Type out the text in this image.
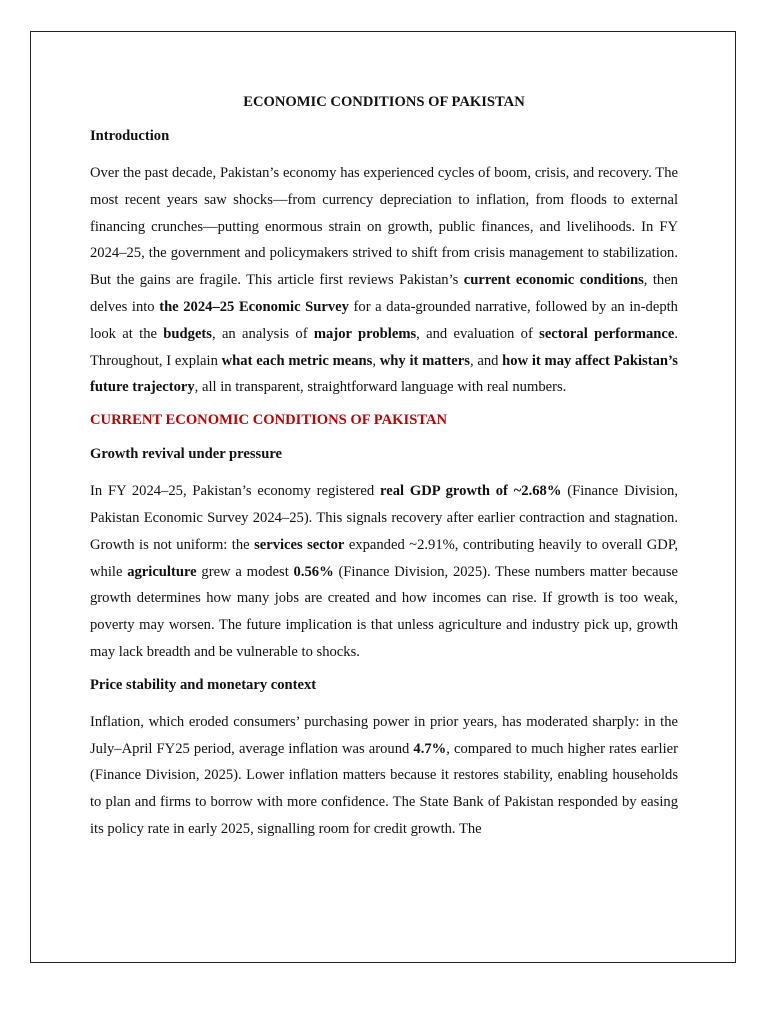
ECONOMIC CONDITIONS OF PAKISTAN
Introduction

Over the past decade, Pakistan’s economy has experienced cycles of boom, crisis, and recovery. The most recent years saw shocks—from currency depreciation to inflation, from floods to external financing crunches—putting enormous strain on growth, public finances, and livelihoods. In FY 2024–25, the government and policymakers strived to shift from crisis management to stabilization. But the gains are fragile. This article first reviews Pakistan’s current economic conditions, then delves into the 2024–25 Economic Survey for a data-grounded narrative, followed by an in-depth look at the budgets, an analysis of major problems, and evaluation of sectoral performance. Throughout, I explain what each metric means, why it matters, and how it may affect Pakistan’s future trajectory, all in transparent, straightforward language with real numbers.

CURRENT ECONOMIC CONDITIONS OF PAKISTAN
Growth revival under pressure

In FY 2024–25, Pakistan’s economy registered real GDP growth of ~2.68% (Finance Division, Pakistan Economic Survey 2024–25). This signals recovery after earlier contraction and stagnation. Growth is not uniform: the services sector expanded ~2.91%, contributing heavily to overall GDP, while agriculture grew a modest 0.56% (Finance Division, 2025). These numbers matter because growth determines how many jobs are created and how incomes can rise. If growth is too weak, poverty may worsen. The future implication is that unless agriculture and industry pick up, growth may lack breadth and be vulnerable to shocks.

Price stability and monetary context

Inflation, which eroded consumers’ purchasing power in prior years, has moderated sharply: in the July–April FY25 period, average inflation was around 4.7%, compared to much higher rates earlier (Finance Division, 2025). Lower inflation matters because it restores stability, enabling households to plan and firms to borrow with more confidence. The State Bank of Pakistan responded by easing its policy rate in early 2025, signalling room for credit growth. The
